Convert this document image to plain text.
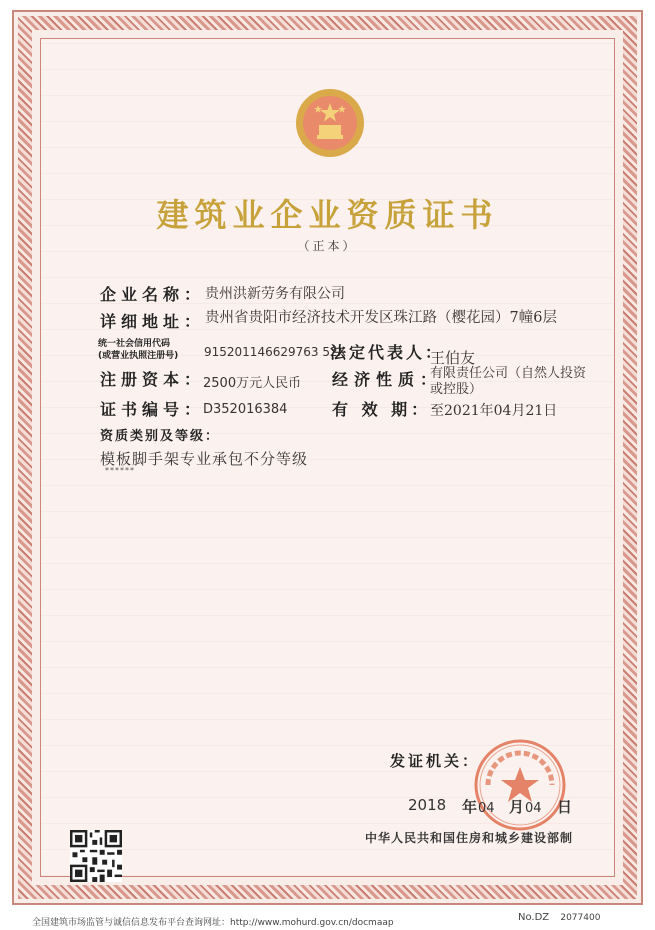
建筑业企业资质证书
（正本）
企业名称： 贵州洪新劳务有限公司
详细地址： 贵州省贵阳市经济技术开发区珠江路（樱花园）7幢6层
统一社会信用代码
(或营业执照注册号) 915201146629763 52X
法定代表人：
王伯友
注册资本：
2500万元人民币 经济性质：
有限责任公司（自然人投资
或控股）
证书编号：
D352016384	有 效 期：
至2021年04月21日
资质类别及等级：
模板脚手架专业承包不分等级
******
发证机关：
2018 年 04 月 04 日
中华人民共和国住房和城乡建设部制
全国建筑市场监管与诚信信息发布平台查询网址：http://www.mohurd.gov.cn/docmaap	No.DZ 2077400
